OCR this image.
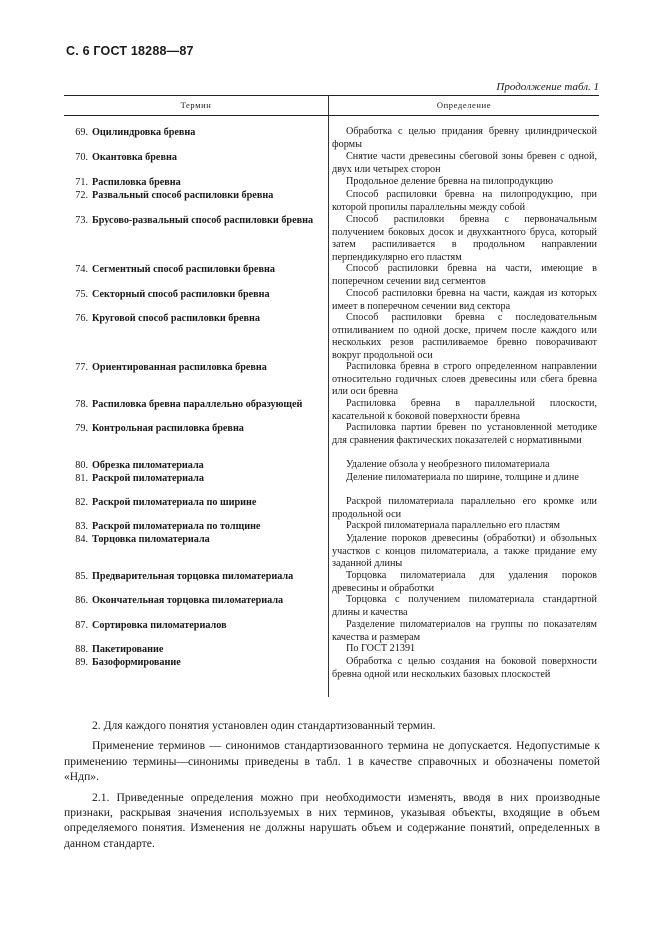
С. 6 ГОСТ 18288—87
Продолжение табл. 1
Термин	Определение
69. Оцилиндровка бревна	Обработка с целью придания бревну цилиндрической формы
70. Окантовка бревна	Снятие части древесины сбеговой зоны бревен с одной, двух или четырех сторон
71. Распиловка бревна	Продольное деление бревна на пилопродукцию
72. Развальный способ распиловки бревна	Способ распиловки бревна на пилопродукцию, при которой пропилы параллельны между собой
73. Брусово-развальный способ распиловки бревна	Способ распиловки бревна с первоначальным получением боковых досок и двухкантного бруса, который затем распиливается в продольном направлении перпендикулярно его пластям
74. Сегментный способ распиловки бревна	Способ распиловки бревна на части, имеющие в поперечном сечении вид сегментов
75. Секторный способ распиловки бревна	Способ распиловки бревна на части, каждая из которых имеет в поперечном сечении вид сектора
76. Круговой способ распиловки бревна	Способ распиловки бревна с последовательным отпиливанием по одной доске, причем после каждого или нескольких резов распиливаемое бревно поворачивают вокруг продольной оси
77. Ориентированная распиловка бревна	Распиловка бревна в строго определенном направлении относительно годичных слоев древесины или сбега бревна или оси бревна
78. Распиловка бревна параллельно образующей	Распиловка бревна в параллельной плоскости, касательной к боковой поверхности бревна
79. Контрольная распиловка бревна	Распиловка партии бревен по установленной методике для сравнения фактических показателей с нормативными
80. Обрезка пиломатериала	Удаление обзола у необрезного пиломатериала
81. Раскрой пиломатериала	Деление пиломатериала по ширине, толщине и длине
82. Раскрой пиломатериала по ширине	Раскрой пиломатериала параллельно его кромке или продольной оси
83. Раскрой пиломатериала по толщине	Раскрой пиломатериала параллельно его пластям
84. Торцовка пиломатериала	Удаление пороков древесины (обработки) и обзольных участков с концов пиломатериала, а также придание ему заданной длины
85. Предварительная торцовка пиломатериала	Торцовка пиломатериала для удаления пороков древесины и обработки
86. Окончательная торцовка пиломатериала	Торцовка с получением пиломатериала стандартной длины и качества
87. Сортировка пиломатериалов	Разделение пиломатериалов на группы по показателям качества и размерам
88. Пакетирование	По ГОСТ 21391
89. Базоформирование	Обработка с целью создания на боковой поверхности бревна одной или нескольких базовых плоскостей

2. Для каждого понятия установлен один стандартизованный термин.

Применение терминов — синонимов стандартизованного термина не допускается. Недопустимые к применению термины—синонимы приведены в табл. 1 в качестве справочных и обозначены пометой «Ндп».

2.1. Приведенные определения можно при необходимости изменять, вводя в них производные признаки, раскрывая значения используемых в них терминов, указывая объекты, входящие в объем определяемого понятия. Изменения не должны нарушать объем и содержание понятий, определенных в данном стандарте.
